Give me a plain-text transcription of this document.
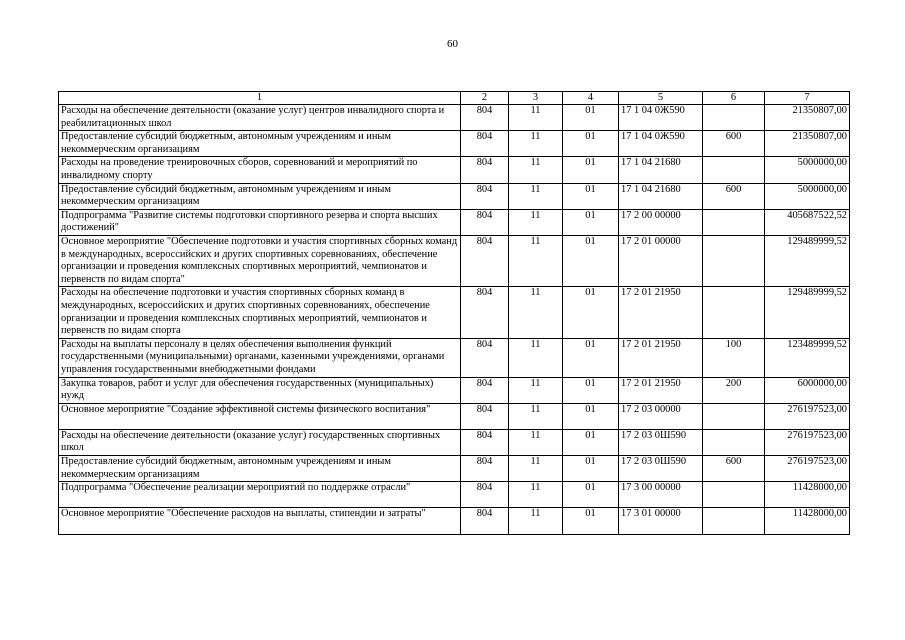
60
1	2	3	4	5	6	7
Расходы на обеспечение деятельности (оказание услуг) центров инвалидного спорта и реабилитационных школ	804	11	01	17 1 04 0Ж590		21350807,00
Предоставление субсидий бюджетным, автономным учреждениям и иным некоммерческим организациям	804	11	01	17 1 04 0Ж590	600	21350807,00
Расходы на проведение тренировочных сборов, соревнований и мероприятий по инвалидному спорту	804	11	01	17 1 04 21680		5000000,00
Предоставление субсидий бюджетным, автономным учреждениям и иным некоммерческим организациям	804	11	01	17 1 04 21680	600	5000000,00
Подпрограмма "Развитие системы подготовки спортивного резерва и спорта высших достижений"	804	11	01	17 2 00 00000		405687522,52
Основное мероприятие "Обеспечение подготовки и участия спортивных сборных команд в международных, всероссийских и других спортивных соревнованиях, обеспечение организации и проведения комплексных спортивных мероприятий, чемпионатов и первенств по видам спорта"	804	11	01	17 2 01 00000		129489999,52
Расходы на обеспечение подготовки и участия спортивных сборных команд в международных, всероссийских и других спортивных соревнованиях, обеспечение организации и проведения комплексных спортивных мероприятий, чемпионатов и первенств по видам спорта	804	11	01	17 2 01 21950		129489999,52
Расходы на выплаты персоналу в целях обеспечения выполнения функций государственными (муниципальными) органами, казенными учреждениями, органами управления государственными внебюджетными фондами	804	11	01	17 2 01 21950	100	123489999,52
Закупка товаров, работ и услуг для обеспечения государственных (муниципальных) нужд	804	11	01	17 2 01 21950	200	6000000,00
Основное мероприятие "Создание эффективной системы физического воспитания"	804	11	01	17 2 03 00000		276197523,00
Расходы на обеспечение деятельности (оказание услуг) государственных спортивных школ	804	11	01	17 2 03 0Ш590		276197523,00
Предоставление субсидий бюджетным, автономным учреждениям и иным некоммерческим организациям	804	11	01	17 2 03 0Ш590	600	276197523,00
Подпрограмма "Обеспечение реализации мероприятий по поддержке отрасли"	804	11	01	17 3 00 00000		11428000,00
Основное мероприятие "Обеспечение расходов на выплаты, стипендии и затраты"	804	11	01	17 3 01 00000		11428000,00
